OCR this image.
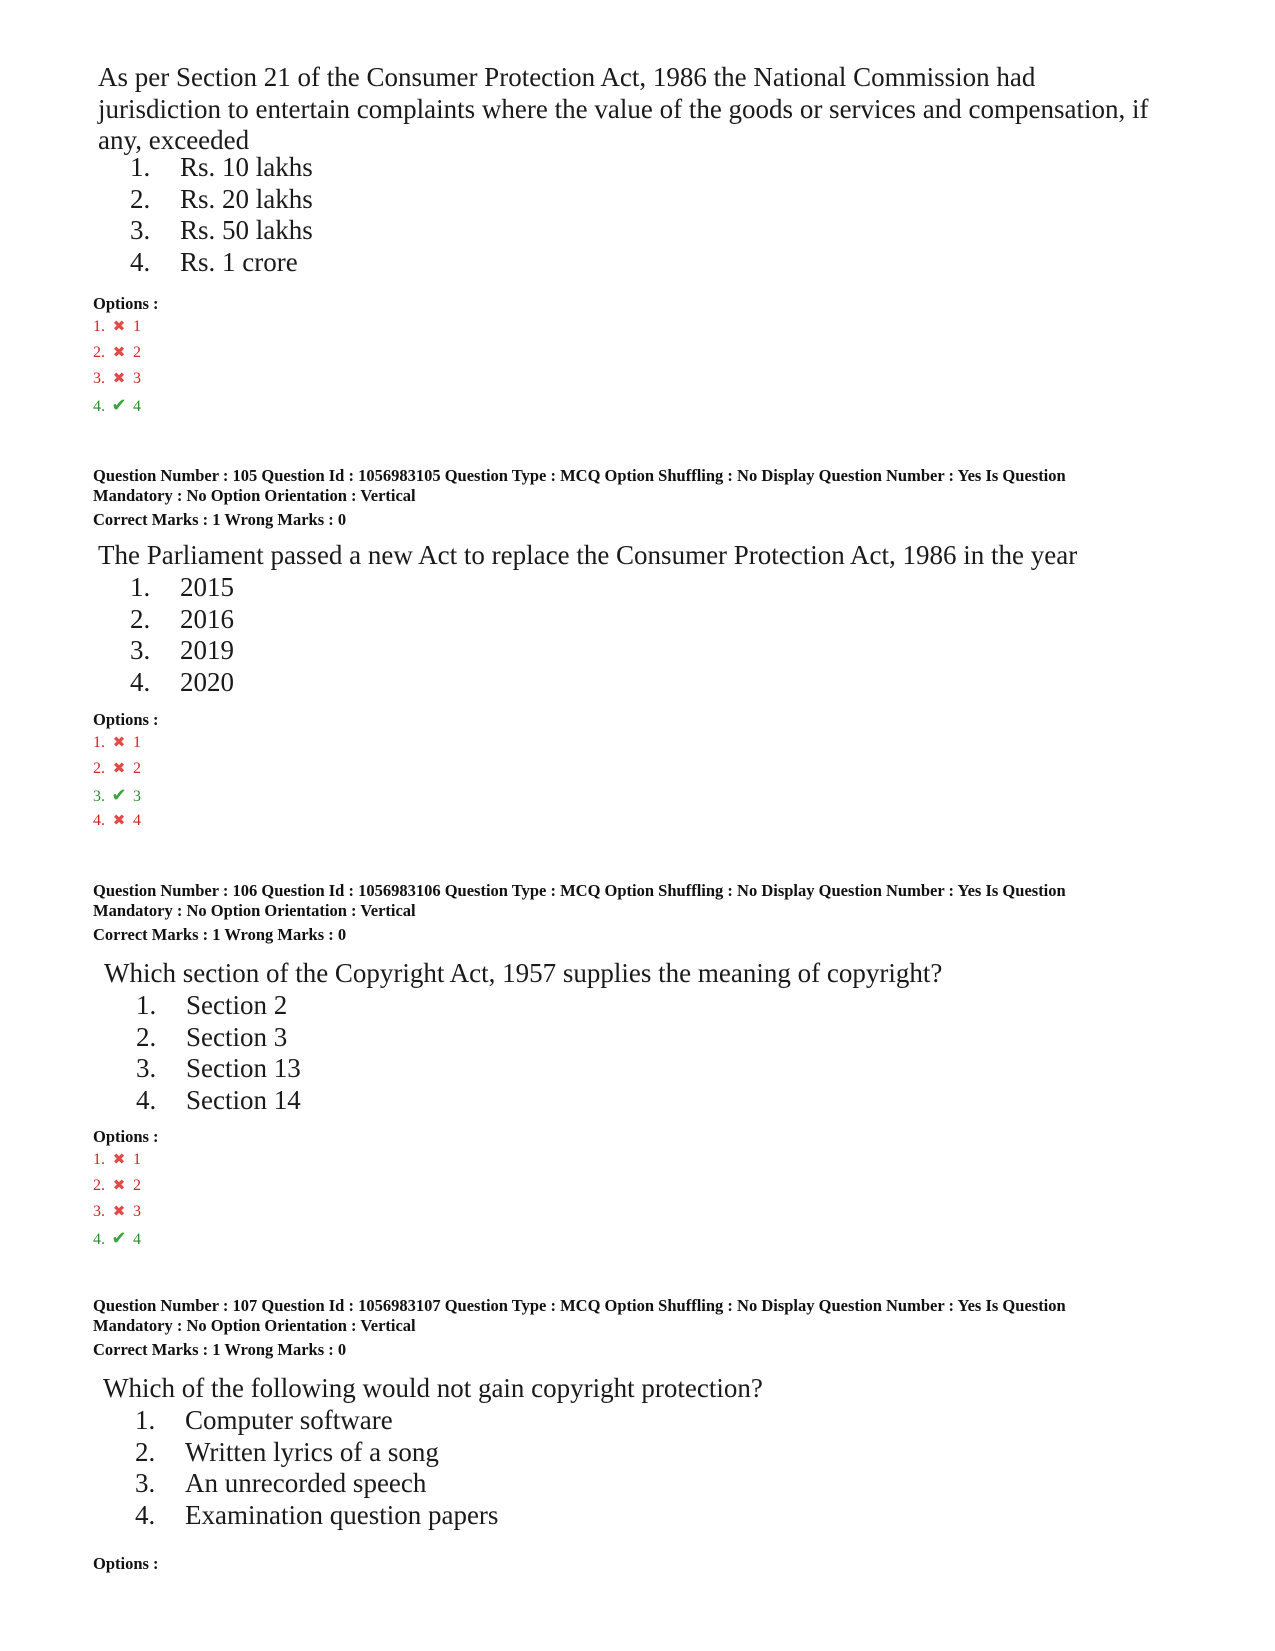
As per Section 21 of the Consumer Protection Act, 1986 the National Commission had jurisdiction to entertain complaints where the value of the goods or services and compensation, if any, exceeded
1. Rs. 10 lakhs
2. Rs. 20 lakhs
3. Rs. 50 lakhs
4. Rs. 1 crore
Options :
1. ✖ 1
2. ✖ 2
3. ✖ 3
4. ✔ 4
Question Number : 105 Question Id : 1056983105 Question Type : MCQ Option Shuffling : No Display Question Number : Yes Is Question
Mandatory : No Option Orientation : Vertical
Correct Marks : 1 Wrong Marks : 0
The Parliament passed a new Act to replace the Consumer Protection Act, 1986 in the year
1. 2015
2. 2016
3. 2019
4. 2020
Options :
1. ✖ 1
2. ✖ 2
3. ✔ 3
4. ✖ 4
Question Number : 106 Question Id : 1056983106 Question Type : MCQ Option Shuffling : No Display Question Number : Yes Is Question
Mandatory : No Option Orientation : Vertical
Correct Marks : 1 Wrong Marks : 0
Which section of the Copyright Act, 1957 supplies the meaning of copyright?
1. Section 2
2. Section 3
3. Section 13
4. Section 14
Options :
1. ✖ 1
2. ✖ 2
3. ✖ 3
4. ✔ 4
Question Number : 107 Question Id : 1056983107 Question Type : MCQ Option Shuffling : No Display Question Number : Yes Is Question
Mandatory : No Option Orientation : Vertical
Correct Marks : 1 Wrong Marks : 0
Which of the following would not gain copyright protection?
1. Computer software
2. Written lyrics of a song
3. An unrecorded speech
4. Examination question papers
Options :
